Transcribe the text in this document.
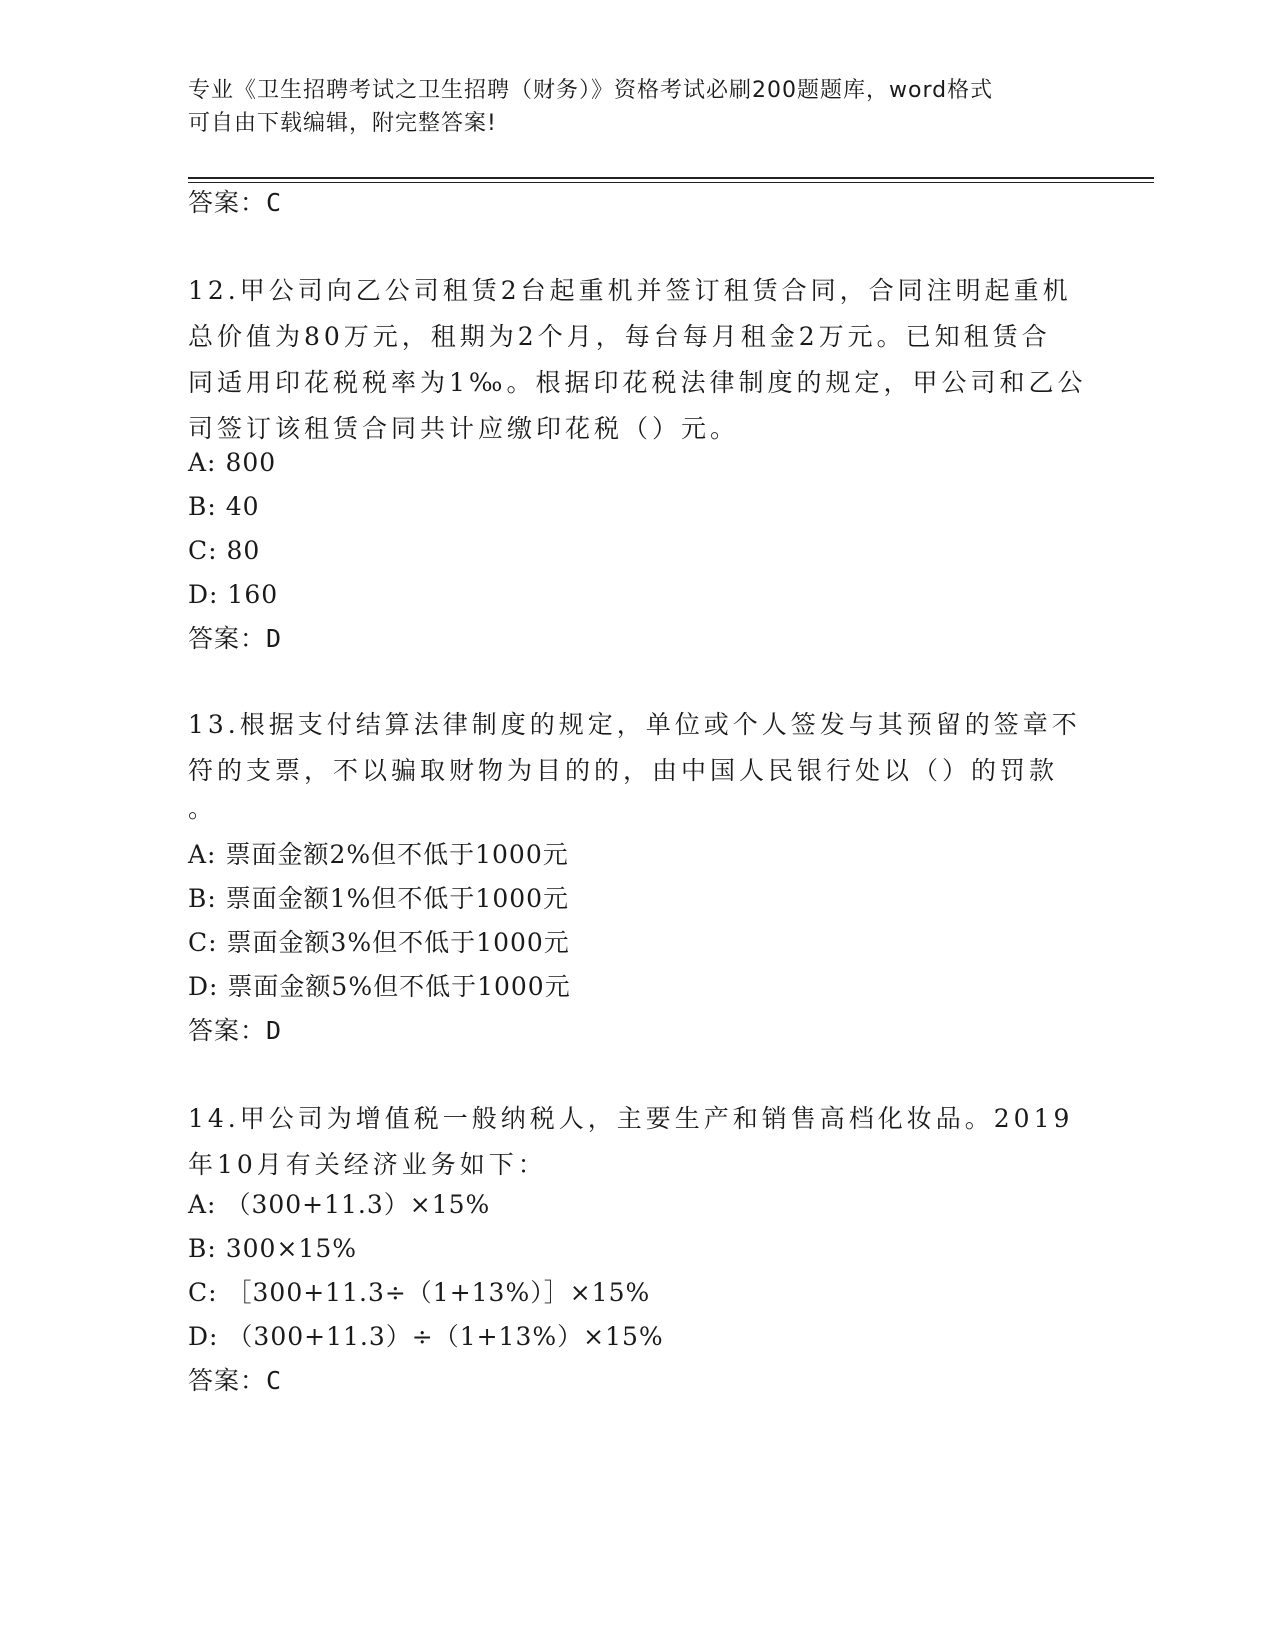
专业《卫生招聘考试之卫生招聘（财务）》资格考试必刷200题题库，word格式
可自由下载编辑，附完整答案!
答案：C
12.甲公司向乙公司租赁2台起重机并签订租赁合同，合同注明起重机
总价值为80万元，租期为2个月，每台每月租金2万元。已知租赁合
同适用印花税税率为1‰。根据印花税法律制度的规定，甲公司和乙公
司签订该租赁合同共计应缴印花税（）元。
A: 800
B: 40
C: 80
D: 160
答案：D
13.根据支付结算法律制度的规定，单位或个人签发与其预留的签章不
符的支票，不以骗取财物为目的的，由中国人民银行处以（）的罚款
。
A: 票面金额2%但不低于1000元
B: 票面金额1%但不低于1000元
C: 票面金额3%但不低于1000元
D: 票面金额5%但不低于1000元
答案：D
14.甲公司为增值税一般纳税人，主要生产和销售高档化妆品。2019
年10月有关经济业务如下：
A: （300+11.3）×15%
B: 300×15%
C: ［300+11.3÷（1+13%）］×15%
D: （300+11.3）÷（1+13%）×15%
答案：C
